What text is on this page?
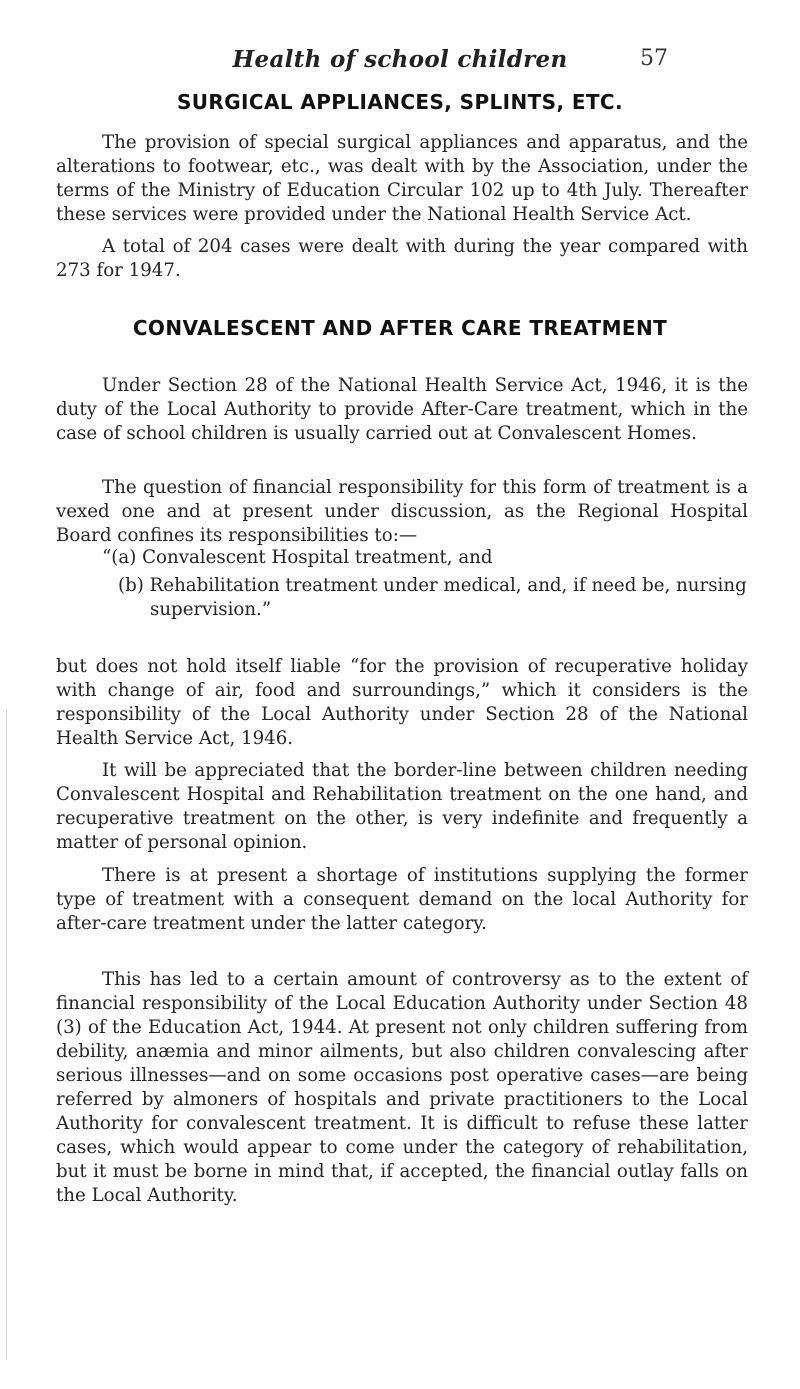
Health of school children	57
SURGICAL APPLIANCES, SPLINTS, ETC.

The provision of special surgical appliances and apparatus, and the alterations to footwear, etc., was dealt with by the Association, under the terms of the Ministry of Education Circular 102 up to 4th July. Thereafter these services were provided under the National Health Service Act.

A total of 204 cases were dealt with during the year compared with 273 for 1947.

CONVALESCENT AND AFTER CARE TREATMENT

Under Section 28 of the National Health Service Act, 1946, it is the duty of the Local Authority to provide After-Care treatment, which in the case of school children is usually carried out at Convalescent Homes.

The question of financial responsibility for this form of treatment is a vexed one and at present under discussion, as the Regional Hospital Board confines its responsibilities to:—

“(a) Convalescent Hospital treatment, and
(b) Rehabilitation treatment under medical, and, if need be, nursing supervision.”

but does not hold itself liable “for the provision of recuperative holiday with change of air, food and surroundings,” which it considers is the responsibility of the Local Authority under Section 28 of the National Health Service Act, 1946.

It will be appreciated that the border-line between children needing Convalescent Hospital and Rehabilitation treatment on the one hand, and recuperative treatment on the other, is very indefinite and frequently a matter of personal opinion.

There is at present a shortage of institutions supplying the former type of treatment with a consequent demand on the local Authority for after-care treatment under the latter category.

This has led to a certain amount of controversy as to the extent of financial responsibility of the Local Education Authority under Section 48 (3) of the Education Act, 1944. At present not only children suffering from debility, anæmia and minor ailments, but also children convalescing after serious illnesses—and on some occasions post operative cases—are being referred by almoners of hospitals and private practitioners to the Local Authority for convalescent treatment. It is difficult to refuse these latter cases, which would appear to come under the category of rehabilitation, but it must be borne in mind that, if accepted, the financial outlay falls on the Local Authority.
